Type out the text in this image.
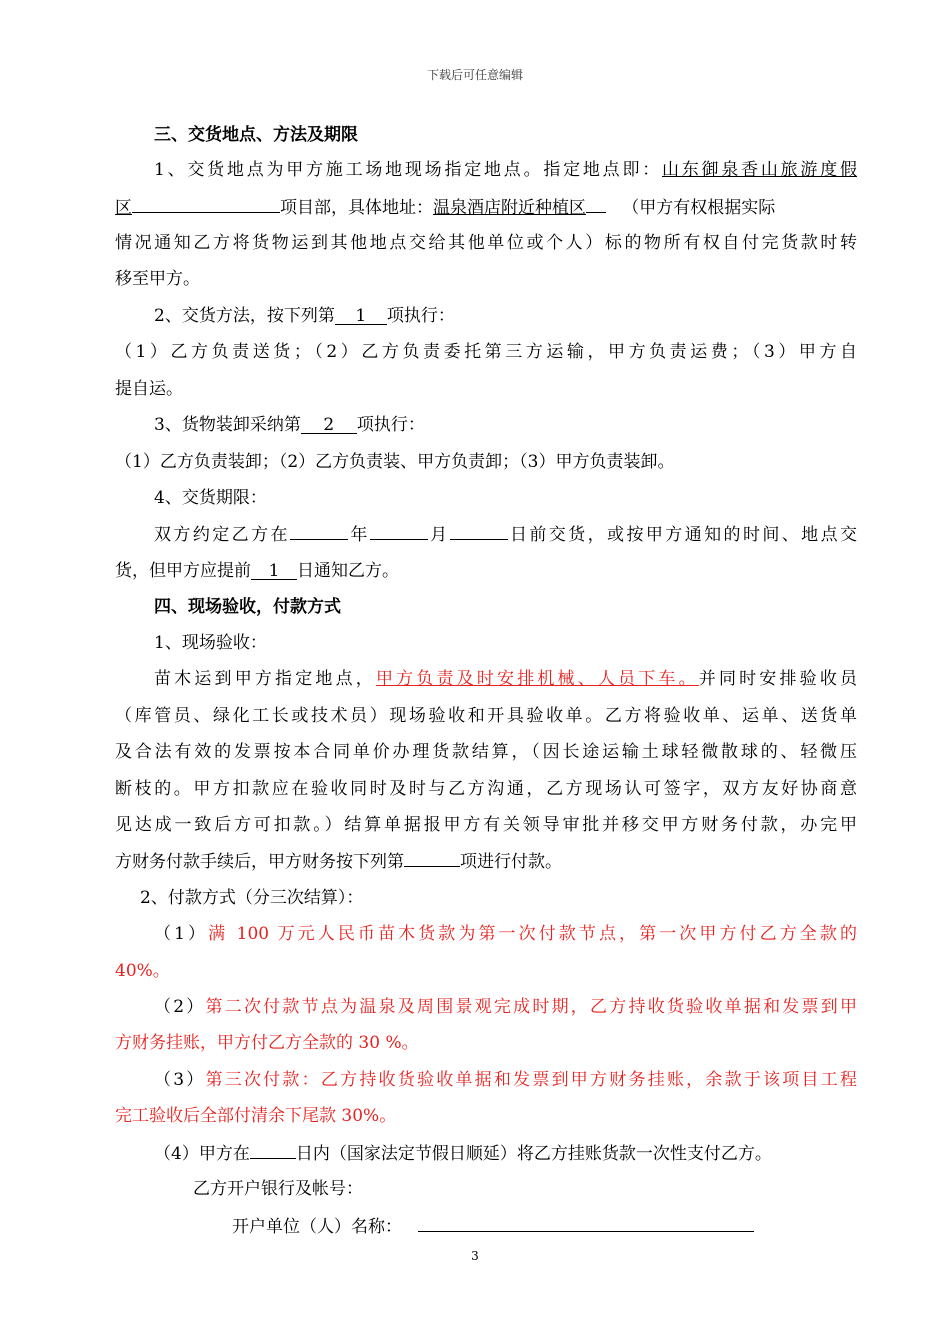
下载后可任意编辑
三、交货地点、方法及期限
1、交货地点为甲方施工场地现场指定地点。指定地点即：山东御泉香山旅游度假
区	项目部，具体地址：温泉酒店附近种植区 （甲方有权根据实际
情况通知乙方将货物运到其他地点交给其他单位或个人）标的物所有权自付完货款时转
移至甲方。
2、交货方法，按下列第 1 项执行：
（1）乙方负责送货；（2）乙方负责委托第三方运输，甲方负责运费；（3）甲方自
提自运。
3、货物装卸采纳第 2 项执行：
（1）乙方负责装卸；（2）乙方负责装、甲方负责卸；（3）甲方负责装卸。
4、交货期限：
双方约定乙方在	年	月	日前交货，或按甲方通知的时间、地点交
货，但甲方应提前 1 日通知乙方。
四、现场验收，付款方式
1、现场验收：
苗木运到甲方指定地点，甲方负责及时安排机械、人员下车。并同时安排验收员
（库管员、绿化工长或技术员）现场验收和开具验收单。乙方将验收单、运单、送货单
及合法有效的发票按本合同单价办理货款结算，（因长途运输土球轻微散球的、轻微压
断枝的。甲方扣款应在验收同时及时与乙方沟通，乙方现场认可签字，双方友好协商意
见达成一致后方可扣款。）结算单据报甲方有关领导审批并移交甲方财务付款，办完甲
方财务付款手续后，甲方财务按下列第	项进行付款。
2、付款方式（分三次结算）：
（1）满 100 万元人民币苗木货款为第一次付款节点，第一次甲方付乙方全款的
40%。
（2）第二次付款节点为温泉及周围景观完成时期，乙方持收货验收单据和发票到甲
方财务挂账，甲方付乙方全款的 30 %。
（3）第三次付款：乙方持收货验收单据和发票到甲方财务挂账，余款于该项目工程
完工验收后全部付清余下尾款 30%。
（4）甲方在	日内（国家法定节假日顺延）将乙方挂账货款一次性支付乙方。
乙方开户银行及帐号：
开户单位（人）名称：
3
